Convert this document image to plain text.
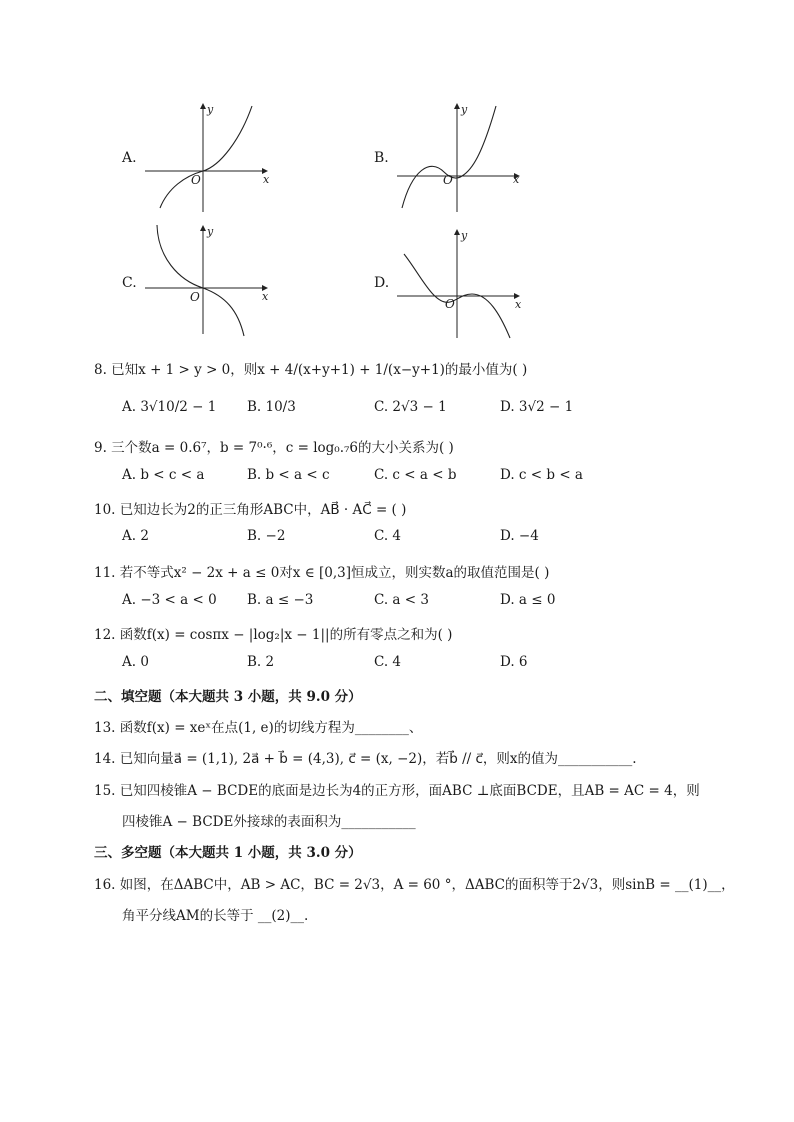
A.
y
x
O
B.
y
x
O
C.
y
x
O
D.
y
x
O
8. 已知x + 1 > y > 0，则x + 4/(x+y+1) + 1/(x−y+1)的最小值为( )
A. 3√10/2 − 1 B. 10/3	C. 2√3 − 1	D. 3√2 − 1
9. 三个数a = 0.6⁷，b = 7⁰·⁶，c = log₀.₇6的大小关系为( )
A. b < c < a	B. b < a < c	C. c < a < b	D. c < b < a
10. 已知边长为2的正三角形ABC中，AB⃗ · AC⃗ = ( )
A. 2	B. −2	C. 4	D. −4
11. 若不等式x² − 2x + a ≤ 0对x ∈ [0,3]恒成立，则实数a的取值范围是( )
A. −3 < a < 0 B. a ≤ −3	C. a < 3	D. a ≤ 0
12. 函数f(x) = cosπx − |log₂|x − 1||的所有零点之和为( )
A. 0	B. 2	C. 4	D. 6
二、填空题（本大题共 3 小题，共 9.0 分）
13. 函数f(x) = xeˣ在点(1, e)的切线方程为________、
14. 已知向量a⃗ = (1,1), 2a⃗ + b⃗ = (4,3), c⃗ = (x, −2)，若b⃗ // c⃗，则x的值为___________.
15. 已知四棱锥A − BCDE的底面是边长为4的正方形，面ABC ⊥底面BCDE，且AB = AC = 4，则
四棱锥A − BCDE外接球的表面积为___________
三、多空题（本大题共 1 小题，共 3.0 分）
16. 如图，在ΔABC中，AB > AC，BC = 2√3，A = 60 °，ΔABC的面积等于2√3，则sinB = __(1)__，
角平分线AM的长等于 __(2)__.
